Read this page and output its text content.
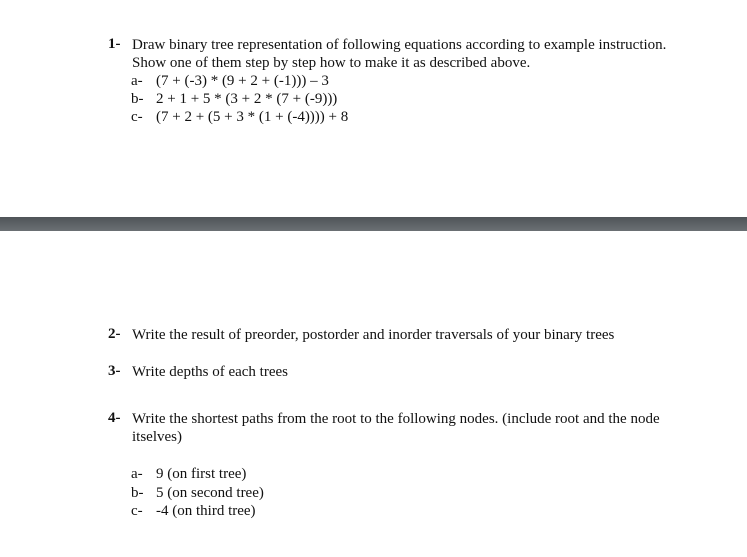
1- Draw binary tree representation of following equations according to example instruction.
Show one of them step by step how to make it as described above.
a- (7 + (-3) * (9 + 2 + (-1))) – 3
b- 2 + 1 + 5 * (3 + 2 * (7 + (-9)))
c- (7 + 2 + (5 + 3 * (1 + (-4)))) + 8
2- Write the result of preorder, postorder and inorder traversals of your binary trees
3- Write depths of each trees
4- Write the shortest paths from the root to the following nodes. (include root and the node
itselves)
a- 9 (on first tree)
b- 5 (on second tree)
c- -4 (on third tree)
